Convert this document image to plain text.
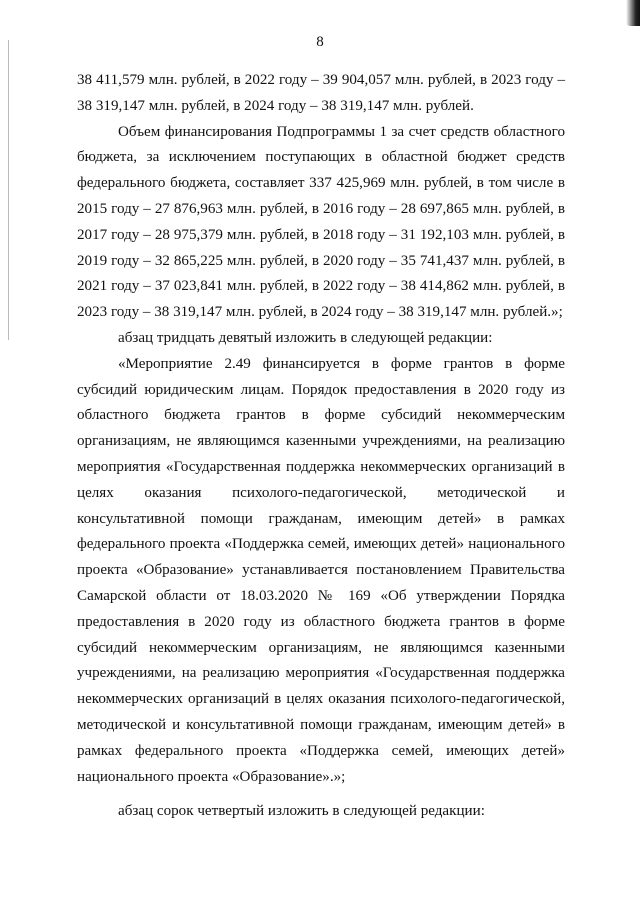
8

38 411,579 млн. рублей, в 2022 году – 39 904,057 млн. рублей, в 2023 году – 38 319,147 млн. рублей, в 2024 году – 38 319,147 млн. рублей.

Объем финансирования Подпрограммы 1 за счет средств областного бюджета, за исключением поступающих в областной бюджет средств федерального бюджета, составляет 337 425,969 млн. рублей, в том числе в 2015 году – 27 876,963 млн. рублей, в 2016 году – 28 697,865 млн. рублей, в 2017 году – 28 975,379 млн. рублей, в 2018 году – 31 192,103 млн. рублей, в 2019 году – 32 865,225 млн. рублей, в 2020 году – 35 741,437 млн. рублей, в 2021 году – 37 023,841 млн. рублей, в 2022 году – 38 414,862 млн. рублей, в 2023 году – 38 319,147 млн. рублей, в 2024 году – 38 319,147 млн. рублей.»;

абзац тридцать девятый изложить в следующей редакции:

«Мероприятие 2.49 финансируется в форме грантов в форме субсидий юридическим лицам. Порядок предоставления в 2020 году из областного бюджета грантов в форме субсидий некоммерческим организациям, не являющимся казенными учреждениями, на реализацию мероприятия «Государственная поддержка некоммерческих организаций в целях оказания психолого-педагогической, методической и консультативной помощи гражданам, имеющим детей» в рамках федерального проекта «Поддержка семей, имеющих детей» национального проекта «Образование» устанавливается постановлением Правительства Самарской области от 18.03.2020 № 169 «Об утверждении Порядка предоставления в 2020 году из областного бюджета грантов в форме субсидий некоммерческим организациям, не являющимся казенными учреждениями, на реализацию мероприятия «Государственная поддержка некоммерческих организаций в целях оказания психолого-педагогической, методической и консультативной помощи гражданам, имеющим детей» в рамках федерального проекта «Поддержка семей, имеющих детей» национального проекта «Образование».»;

абзац сорок четвертый изложить в следующей редакции:
